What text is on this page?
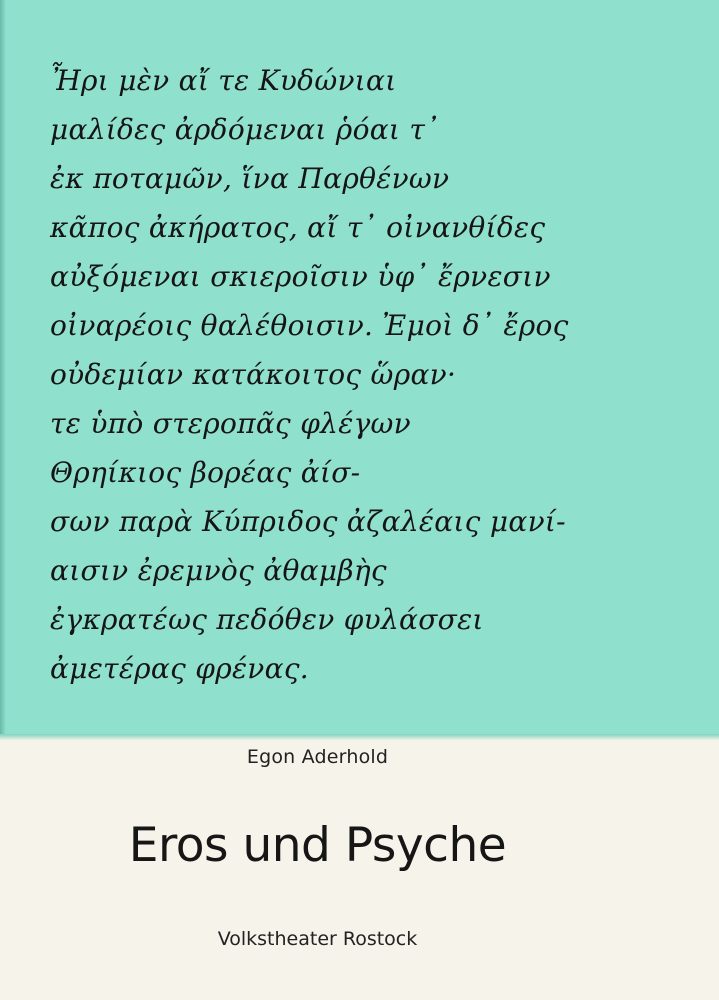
Ἦρι μὲν αἴ τε Κυδώνιαι
μαλίδες ἀρδόμεναι ῥόαι τ᾽
ἐκ ποταμῶν, ἵνα Παρθένων
κᾶπος ἀκήρατος, αἴ τ᾽ οἰνανθίδες
αὐξόμεναι σκιεροῖσιν ὑφ᾽ ἔρνεσιν
οἰναρέοις θαλέθοισιν. Ἐμοὶ δ᾽ ἔρος
οὐδεμίαν κατάκοιτος ὥραν·
τε ὑπὸ στεροπᾶς φλέγων
Θρηίκιος βορέας ἀίσ-
σων παρὰ Κύπριδος ἀζαλέαις μανί-
αισιν ἐρεμνὸς ἀθαμβὴς
ἐγκρατέως πεδόθεν φυλάσσει
ἀμετέρας φρένας.
Egon Aderhold
Eros und Psyche
Volkstheater Rostock
